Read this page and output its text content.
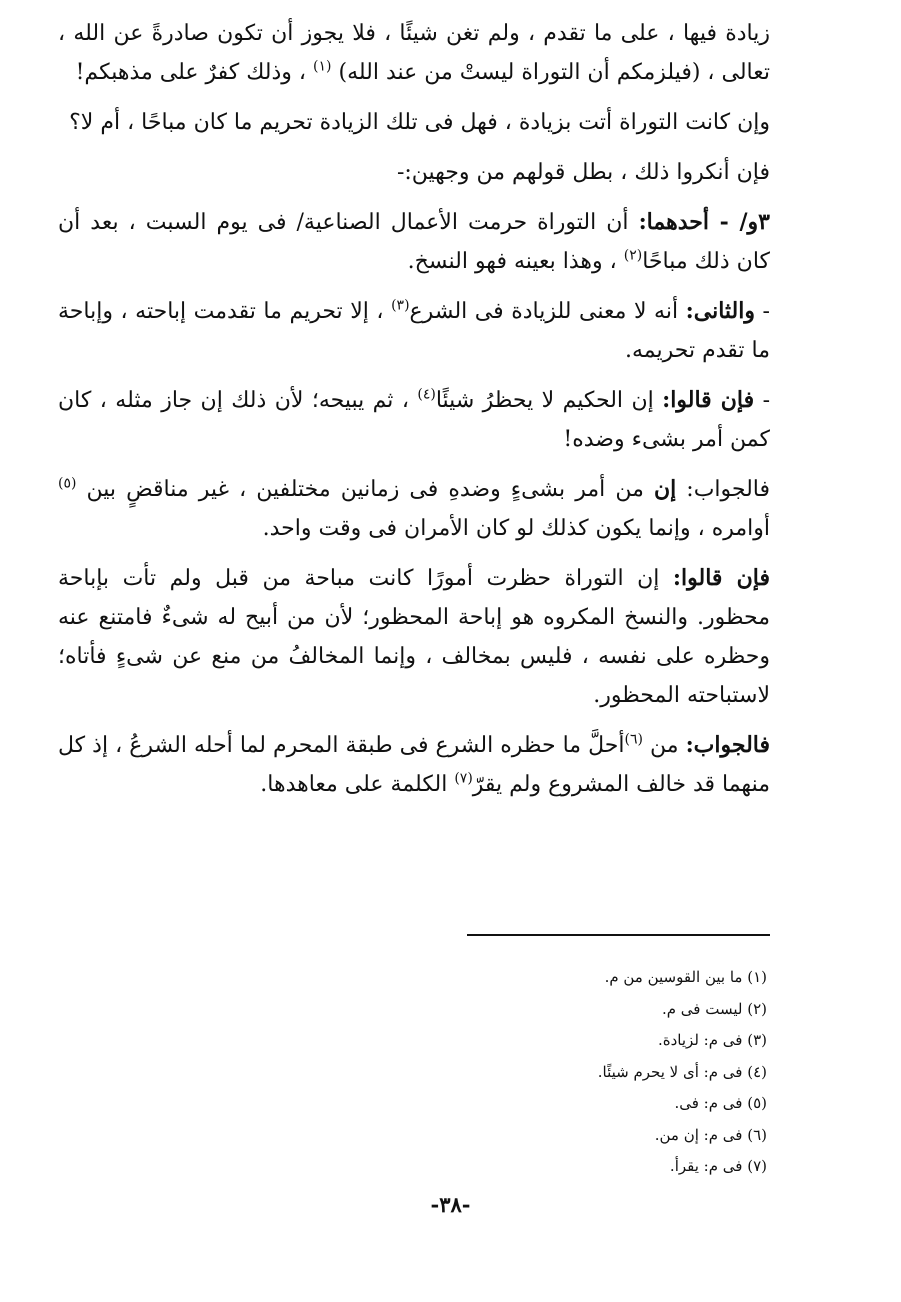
زيادة فيها ، على ما تقدم ، ولم تغن شيئًا ، فلا يجوز أن تكون صادرةً عن الله ، تعالى ، (فيلزمكم أن التوراة ليستْ من عند الله) $^{(١)}$ ، وذلك كفرٌ على مذهبكم!

وإن كانت التوراة أتت بزيادة ، فهل فى تلك الزيادة تحريم ما كان مباحًا ، أم لا؟

فإن أنكروا ذلك ، بطل قولهم من وجهين:-

٣و/ - أحدهما: أن التوراة حرمت الأعمال الصناعية/ فى يوم السبت ، بعد أن كان ذلك مباحًا$^{(٢)}$ ، وهذا بعينه فهو النسخ.

- والثانى: أنه لا معنى للزيادة فى الشرع$^{(٣)}$ ، إلا تحريم ما تقدمت إباحته ، وإباحة ما تقدم تحريمه.

- فإن قالوا: إن الحكيم لا يحظرُ شيئًا$^{(٤)}$ ، ثم يبيحه؛ لأن ذلك إن جاز مثله ، كان كمن أمر بشىء وضده!

فالجواب: إن من أمر بشىءٍ وضدهِ فى زمانين مختلفين ، غير مناقضٍ بين $^{(٥)}$ أوامره ، وإنما يكون كذلك لو كان الأمران فى وقت واحد.

فإن قالوا: إن التوراة حظرت أمورًا كانت مباحة من قبل ولم تأت بإباحة محظور. والنسخ المكروه هو إباحة المحظور؛ لأن من أبيح له شىءٌ فامتنع عنه وحظره على نفسه ، فليس بمخالف ، وإنما المخالفُ من منع عن شىءٍ فأتاه؛ لاستباحته المحظور.

فالجواب: من $^{(٦)}$أحلَّ ما حظره الشرع فى طبقة المحرم لما أحله الشرعُ ، إذ كل منهما قد خالف المشروع ولم يقرّ$^{(٧)}$ الكلمة على معاهدها.

(١) ما بين القوسين من م.
(٢) ليست فى م.
(٣) فى م: لزيادة.
(٤) فى م: أى لا يحرم شيئًا.
(٥) فى م: فى.
(٦) فى م: إن من.
(٧) فى م: يقرأ.
-٣٨-
